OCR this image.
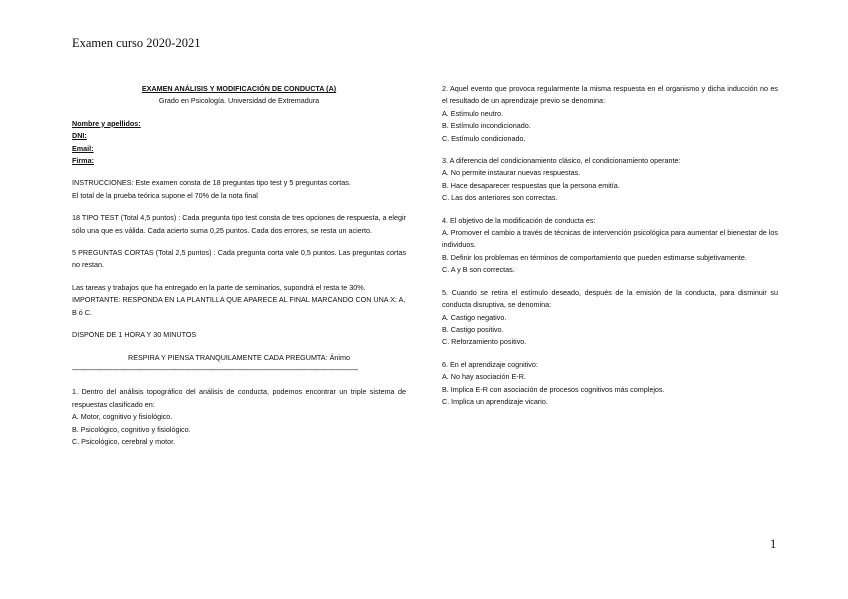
Examen curso 2020-2021

EXAMEN ANÁLISIS Y MODIFICACIÓN DE CONDUCTA (A)

Grado en Psicología. Universidad de Extremadura

Nombre y apellidos:

DNI:

Email:

Firma:

INSTRUCCIONES: Este examen consta de 18 preguntas tipo test y 5 preguntas cortas.

El total de la prueba teórica supone el 70% de la nota final

18 TIPO TEST (Total 4,5 puntos) : Cada pregunta tipo test consta de tres opciones de respuesta, a elegir sólo una que es válida. Cada acierto suma 0,25 puntos. Cada dos errores, se resta un acierto.

5 PREGUNTAS CORTAS (Total 2,5 puntos) : Cada pregunta corta vale 0,5 puntos. Las preguntas cortas no restan.

Las tareas y trabajos que ha entregado en la parte de seminarios, supondrá el resta te 30%.

IMPORTANTE: RESPONDA EN LA PLANTILLA QUE APARECE AL FINAL MARCANDO CON UNA X: A, B ó C.

DISPONE DE 1 HORA Y 30 MINUTOS

RESPIRA Y PIENSA TRANQUILAMENTE CADA PREGUMTA: Ánimo

-------------------------------------------------------------------------------------------------------------------------------------------------------

1. Dentro del análisis topográfico del análisis de conducta, podemos encontrar un triple sistema de respuestas clasificado en:

A. Motor, cognitivo y fisiológico.

B. Psicológico, cognitivo y fisiológico.

C. Psicológico, cerebral y motor.

2. Aquel evento que provoca regularmente la misma respuesta en el organismo y dicha inducción no es el resultado de un aprendizaje previo se denomina:

A. Estímulo neutro.

B. Estímulo incondicionado.

C. Estímulo condicionado.

3. A diferencia del condicionamiento clásico, el condicionamiento operante:

A. No permite instaurar nuevas respuestas.

B. Hace desaparecer respuestas que la persona emitía.

C. Las dos anteriores son correctas.

4. El objetivo de la modificación de conducta es:

A. Promover el cambio a través de técnicas de intervención psicológica para aumentar el bienestar de los individuos.

B. Definir los problemas en términos de comportamiento que pueden estimarse subjetivamente.

C. A y B son correctas.

5. Cuando se retira el estímulo deseado, después de la emisión de la conducta, para disminuir su conducta disruptiva, se denomina:

A. Castigo negativo.

B. Castigo positivo.

C. Reforzamiento positivo.

6. En el aprendizaje cognitivo:

A. No hay asociación E-R.

B. Implica E-R con asociación de procesos cognitivos más complejos.

C. Implica un aprendizaje vicario.

1
